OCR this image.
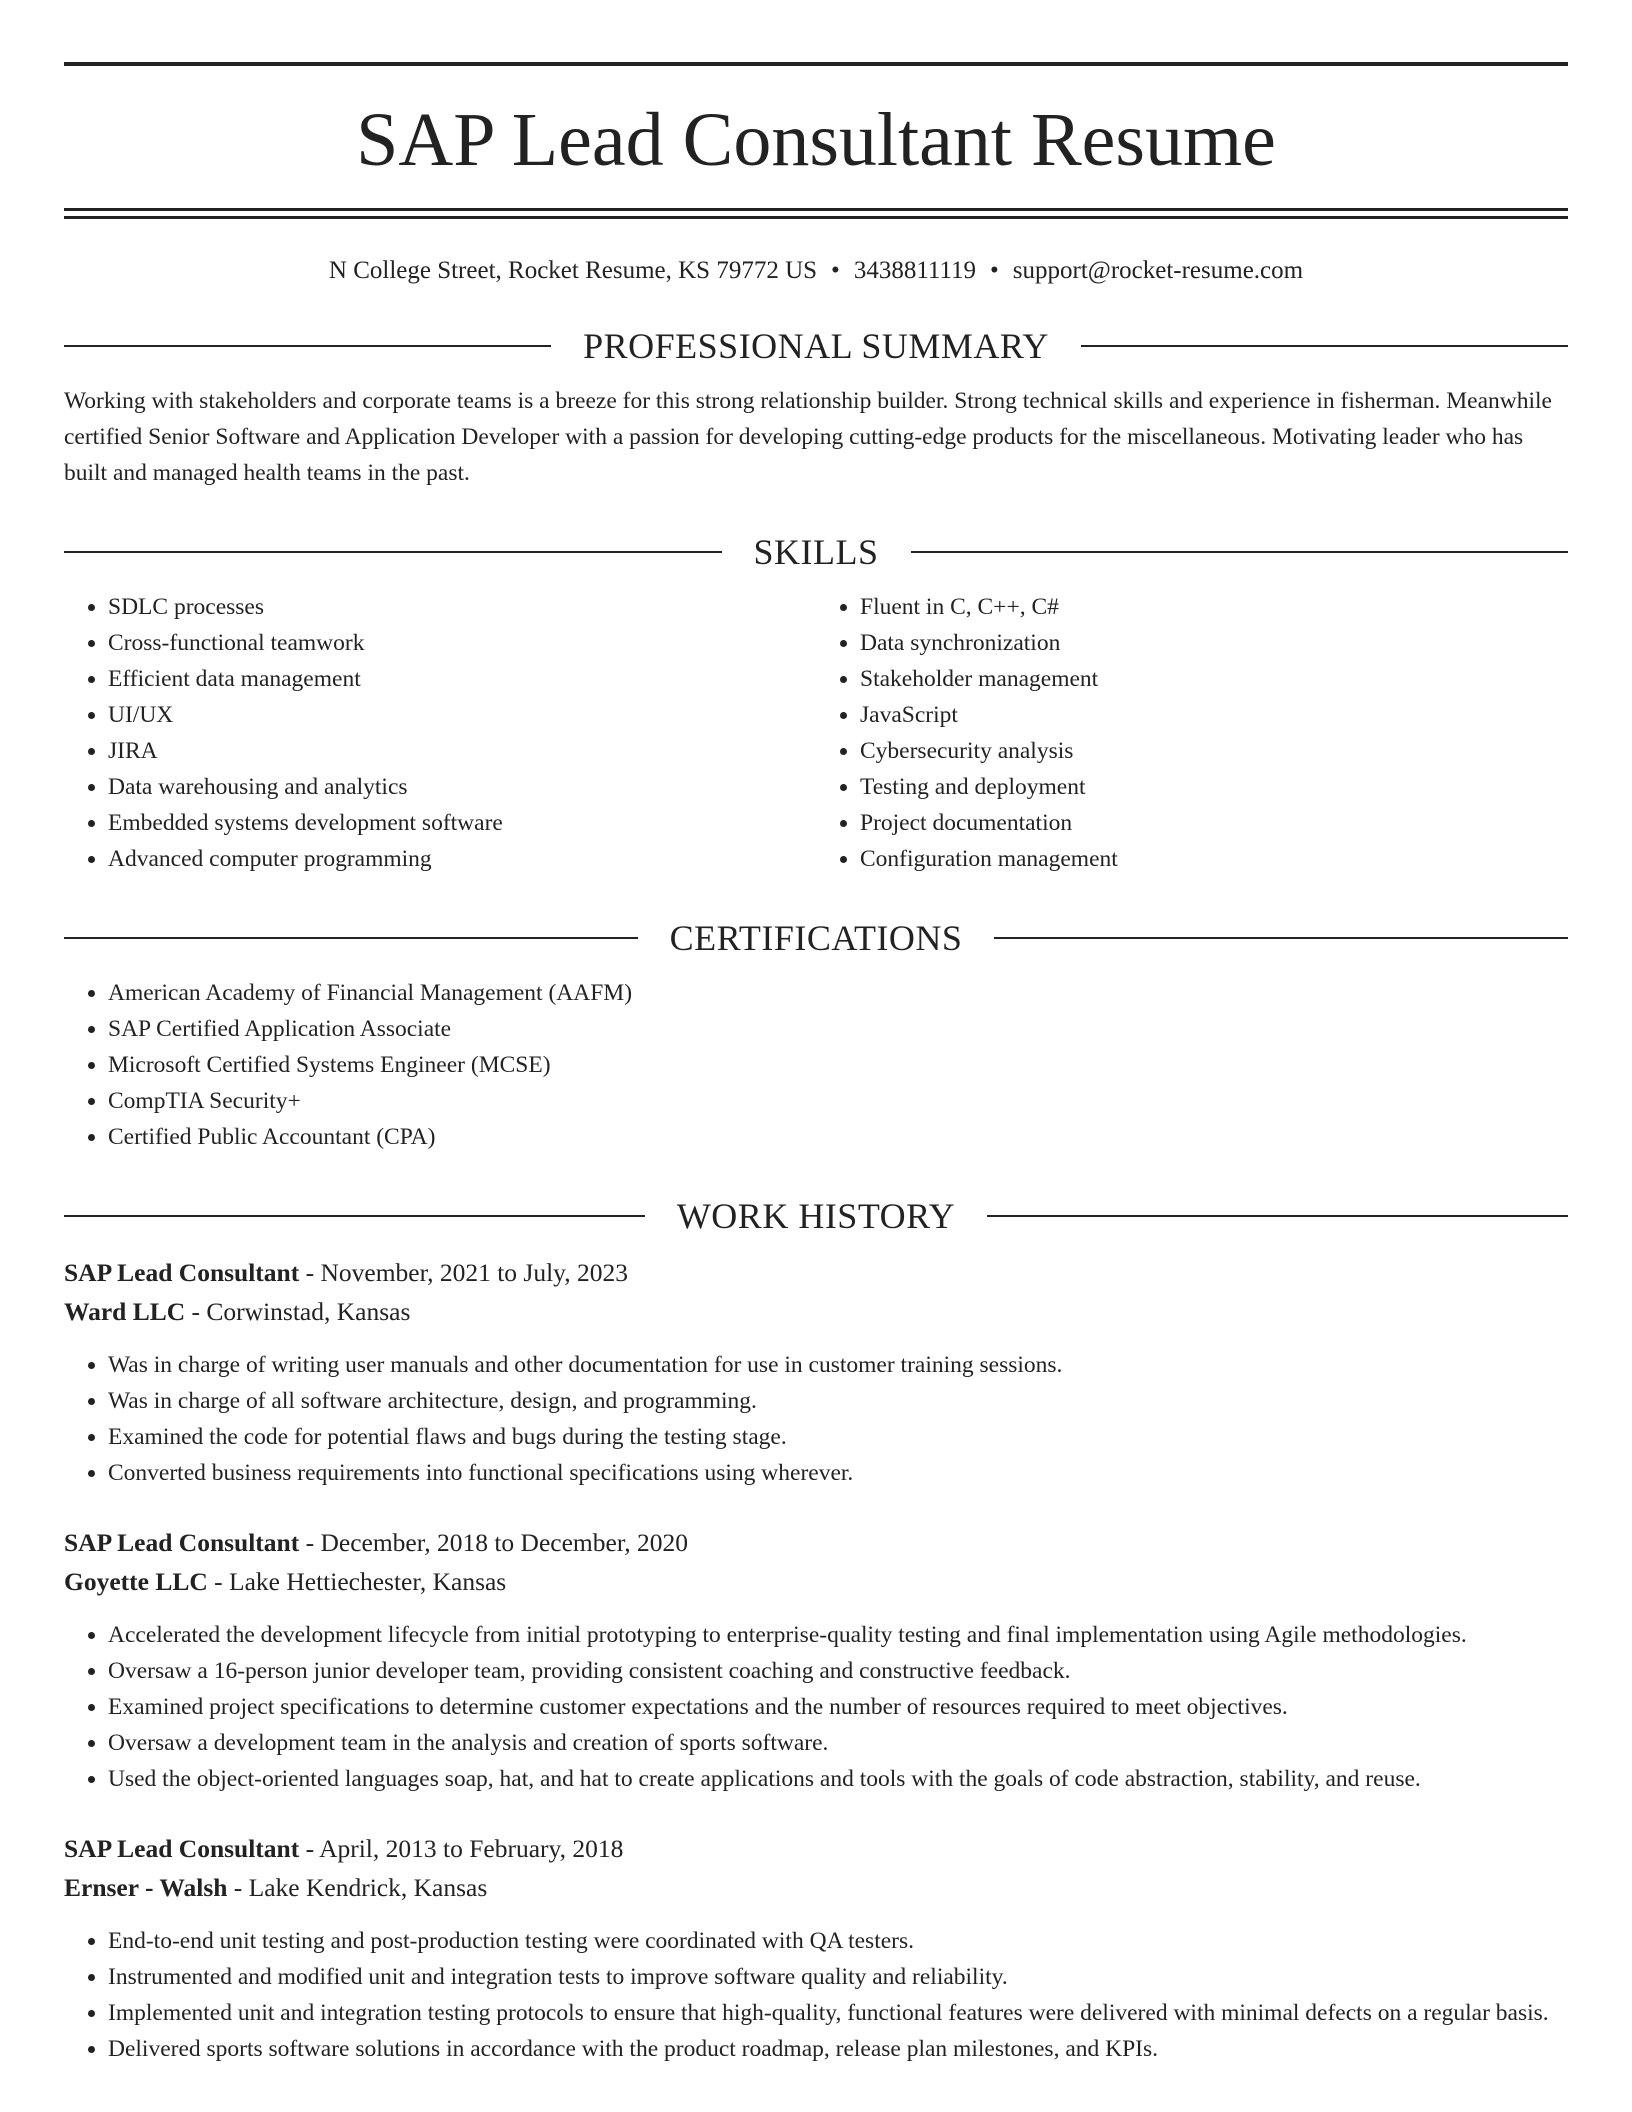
SAP Lead Consultant Resume
N College Street, Rocket Resume, KS 79772 US • 3438811119 • support@rocket-resume.com
PROFESSIONAL SUMMARY

Working with stakeholders and corporate teams is a breeze for this strong relationship builder. Strong technical skills and experience in fisherman. Meanwhile certified Senior Software and Application Developer with a passion for developing cutting-edge products for the miscellaneous. Motivating leader who has built and managed health teams in the past.

SKILLS
• SDLC processes
• Cross-functional teamwork
• Efficient data management
• UI/UX
• JIRA
• Data warehousing and analytics
• Embedded systems development software
• Advanced computer programming
• Fluent in C, C++, C#
• Data synchronization
• Stakeholder management
• JavaScript
• Cybersecurity analysis
• Testing and deployment
• Project documentation
• Configuration management
CERTIFICATIONS
• American Academy of Financial Management (AAFM)
• SAP Certified Application Associate
• Microsoft Certified Systems Engineer (MCSE)
• CompTIA Security+
• Certified Public Accountant (CPA)
WORK HISTORY
SAP Lead Consultant - November, 2021 to July, 2023
Ward LLC - Corwinstad, Kansas
• Was in charge of writing user manuals and other documentation for use in customer training sessions.
• Was in charge of all software architecture, design, and programming.
• Examined the code for potential flaws and bugs during the testing stage.
• Converted business requirements into functional specifications using wherever.
SAP Lead Consultant - December, 2018 to December, 2020
Goyette LLC - Lake Hettiechester, Kansas
• Accelerated the development lifecycle from initial prototyping to enterprise-quality testing and final implementation using Agile methodologies.
• Oversaw a 16-person junior developer team, providing consistent coaching and constructive feedback.
• Examined project specifications to determine customer expectations and the number of resources required to meet objectives.
• Oversaw a development team in the analysis and creation of sports software.
• Used the object-oriented languages soap, hat, and hat to create applications and tools with the goals of code abstraction, stability, and reuse.
SAP Lead Consultant - April, 2013 to February, 2018
Ernser - Walsh - Lake Kendrick, Kansas
• End-to-end unit testing and post-production testing were coordinated with QA testers.
• Instrumented and modified unit and integration tests to improve software quality and reliability.
• Implemented unit and integration testing protocols to ensure that high-quality, functional features were delivered with minimal defects on a regular basis.
• Delivered sports software solutions in accordance with the product roadmap, release plan milestones, and KPIs.
